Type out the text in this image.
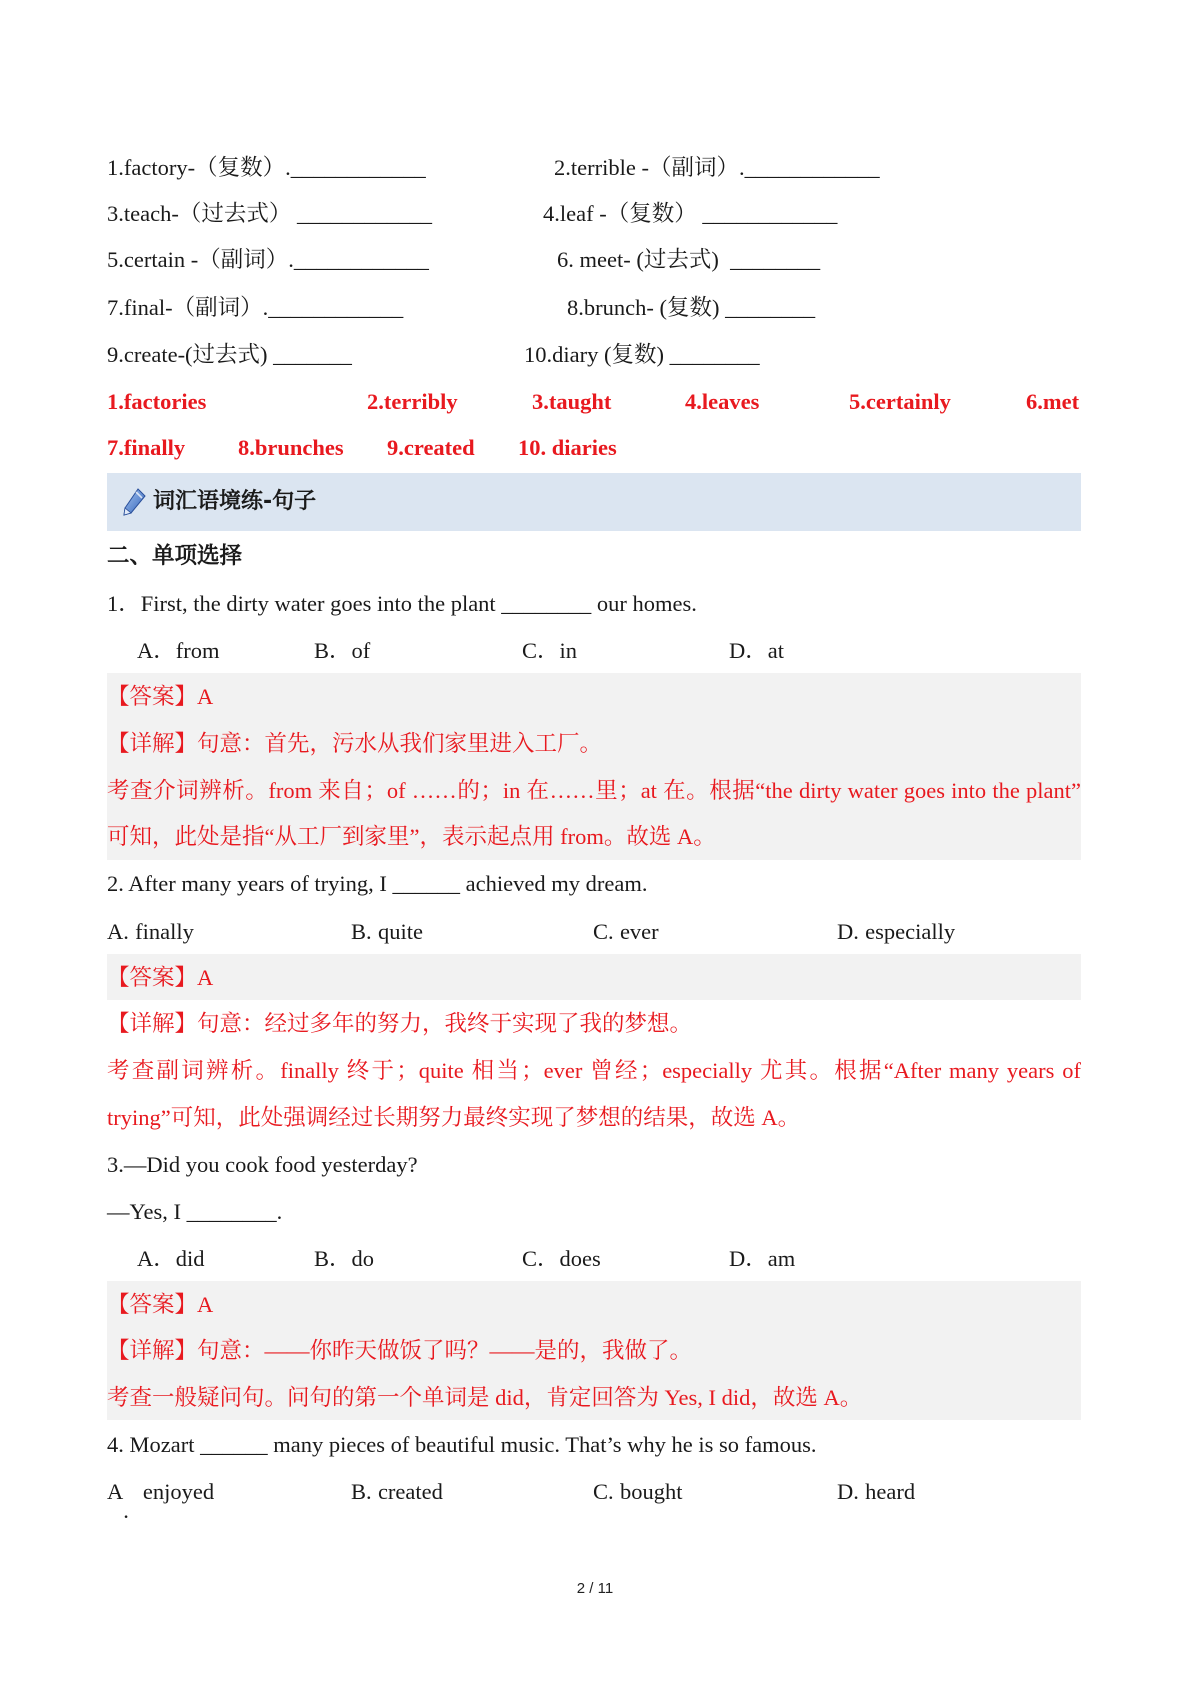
1.factory-（复数）.____________	2.terrible -（副词）.____________
3.teach-（过去式） ____________	4.leaf -（复数） ____________
5.certain -（副词）.____________	6. meet- (过去式)  ________
7.final-（副词）.____________	8.brunch- (复数) ________
9.create-(过去式) _______	10.diary (复数) ________
1.factories	2.terribly	3.taught	4.leaves	5.certainly	6.met
7.finally 8.brunches 9.created 10. diaries
词汇语境练-句子
二、单项选择
1．First, the dirty water goes into the plant ________ our homes.
A．from	B．of	C．in	D．at
【答案】A
【详解】句意：首先，污水从我们家里进入工厂。
考查介词辨析。from 来自；of ……的；in 在……里；at 在。根据“the dirty water goes into the plant”
可知，此处是指“从工厂到家里”，表示起点用 from。故选 A。
2. After many years of trying, I ______ achieved my dream.
A. finally	B. quite	C. ever	D. especially
【答案】A
【详解】句意：经过多年的努力，我终于实现了我的梦想。
考查副词辨析。finally 终于；quite 相当；ever 曾经；especially 尤其。根据“After many years of
trying”可知，此处强调经过长期努力最终实现了梦想的结果，故选 A。
3.—Did you cook food yesterday?
—Yes, I ________.
A．did	B．do	C．does	D．am
【答案】A
【详解】句意：——你昨天做饭了吗？——是的，我做了。
考查一般疑问句。问句的第一个单词是 did，肯定回答为 Yes, I did，故选 A。
4. Mozart ______ many pieces of beautiful music. That’s why he is so famous.
A.enjoyed	B. created	C. bought	D. heard
2 / 11
